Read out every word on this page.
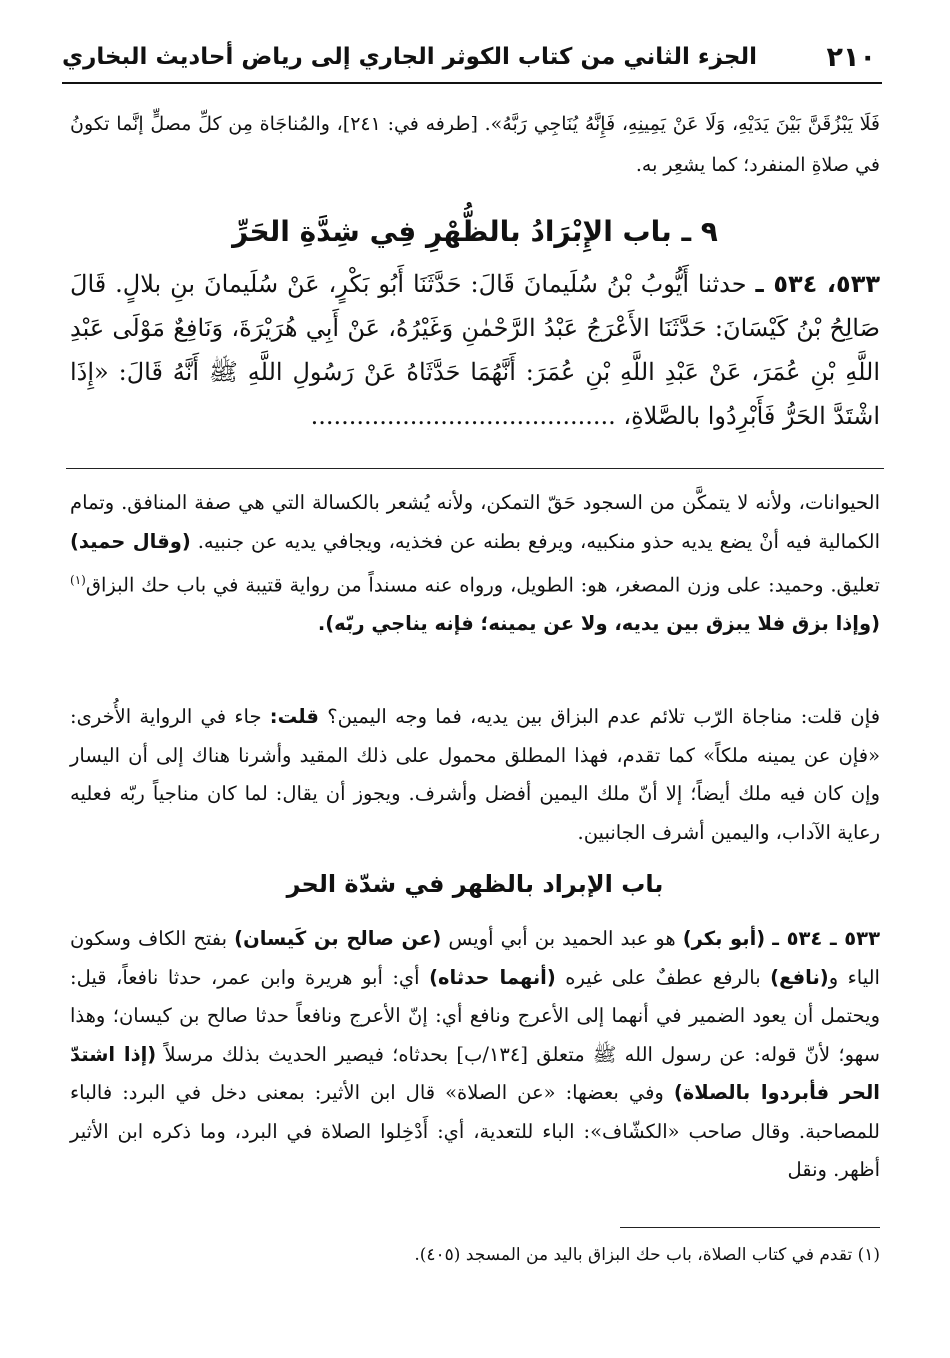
٢١٠
الجزء الثاني من كتاب الكوثر الجاري إلى رياض أحاديث البخاري
فَلَا يَبْزُقَنَّ بَيْنَ يَدَيْهِ، وَلَا عَنْ يَمِينِهِ، فَإِنَّهُ يُنَاجِي رَبَّهُ». [طرفه في: ٢٤١]، والمُناجَاة مِن كلِّ مصلٍّ إنَّما تكونُ في صلاةِ المنفرد؛ كما يشعِر به.
٩ ـ باب الإِبْرَادُ بالظُّهْرِ فِي شِدَّةِ الحَرِّ
٥٣٣، ٥٣٤ ـ حدثنا أَيُّوبُ بْنُ سُلَيمانَ قَالَ: حَدَّثَنَا أَبُو بَكْرٍ، عَنْ سُلَيمانَ بنِ بلالٍ. قَالَ صَالِحُ بْنُ كَيْسَانَ: حَدَّثَنَا الأَعْرَجُ عَبْدُ الرَّحْمٰنِ وَغَيْرُهُ، عَنْ أَبِي هُرَيْرَةَ، وَنَافِعٌ مَوْلَى عَبْدِ اللَّهِ بْنِ عُمَرَ، عَنْ عَبْدِ اللَّهِ بْنِ عُمَرَ: أَنَّهُمَا حَدَّثَاهُ عَنْ رَسُولِ اللَّهِ ﷺ أَنَّهُ قَالَ: «إِذَا اشْتَدَّ الحَرُّ فَأَبْرِدُوا بالصَّلاةِ، ........................................
الحيوانات، ولأنه لا يتمكَّن من السجود حَقّ التمكن، ولأنه يُشعر بالكسالة التي هي صفة المنافق. وتمام الكمالية فيه أنْ يضع يديه حذو منكبيه، ويرفع بطنه عن فخذيه، ويجافي يديه عن جنبيه. (وقال حميد) تعليق. وحميد: على وزن المصغر، هو: الطويل، ورواه عنه مسنداً من رواية قتيبة في باب حك البزاق$^{(١)}$ (وإذا بزق فلا يبزق بين يديه، ولا عن يمينه؛ فإنه يناجي ربّه).
فإن قلت: مناجاة الرّب تلائم عدم البزاق بين يديه، فما وجه اليمين؟ قلت: جاء في الرواية الأُخرى: «فإن عن يمينه ملكاً» كما تقدم، فهذا المطلق محمول على ذلك المقيد وأشرنا هناك إلى أن اليسار وإن كان فيه ملك أيضاً؛ إلا أنّ ملك اليمين أفضل وأشرف. ويجوز أن يقال: لما كان مناجياً ربّه فعليه رعاية الآداب، واليمين أشرف الجانبين.
باب الإبراد بالظهر في شدّة الحر
٥٣٣ ـ ٥٣٤ ـ (أبو بكر) هو عبد الحميد بن أبي أويس (عن صالح بن كَيسان) بفتح الكاف وسكون الياء و(نافع) بالرفع عطفٌ على غيره (أنهما حدثاه) أي: أبو هريرة وابن عمر، حدثا نافعاً، قيل: ويحتمل أن يعود الضمير في أنهما إلى الأعرج ونافع أي: إنّ الأعرج ونافعاً حدثا صالح بن كيسان؛ وهذا سهو؛ لأنّ قوله: عن رسول الله ﷺ متعلق [١٣٤/ب] بحدثاه؛ فيصير الحديث بذلك مرسلاً (إذا اشتدّ الحر فأبردوا بالصلاة) وفي بعضها: «عن الصلاة» قال ابن الأثير: بمعنى دخل في البرد: فالباء للمصاحبة. وقال صاحب «الكشّاف»: الباء للتعدية، أي: أَدْخِلوا الصلاة في البرد، وما ذكره ابن الأثير أظهر. ونقل
(١) تقدم في كتاب الصلاة، باب حك البزاق باليد من المسجد (٤٠٥).
